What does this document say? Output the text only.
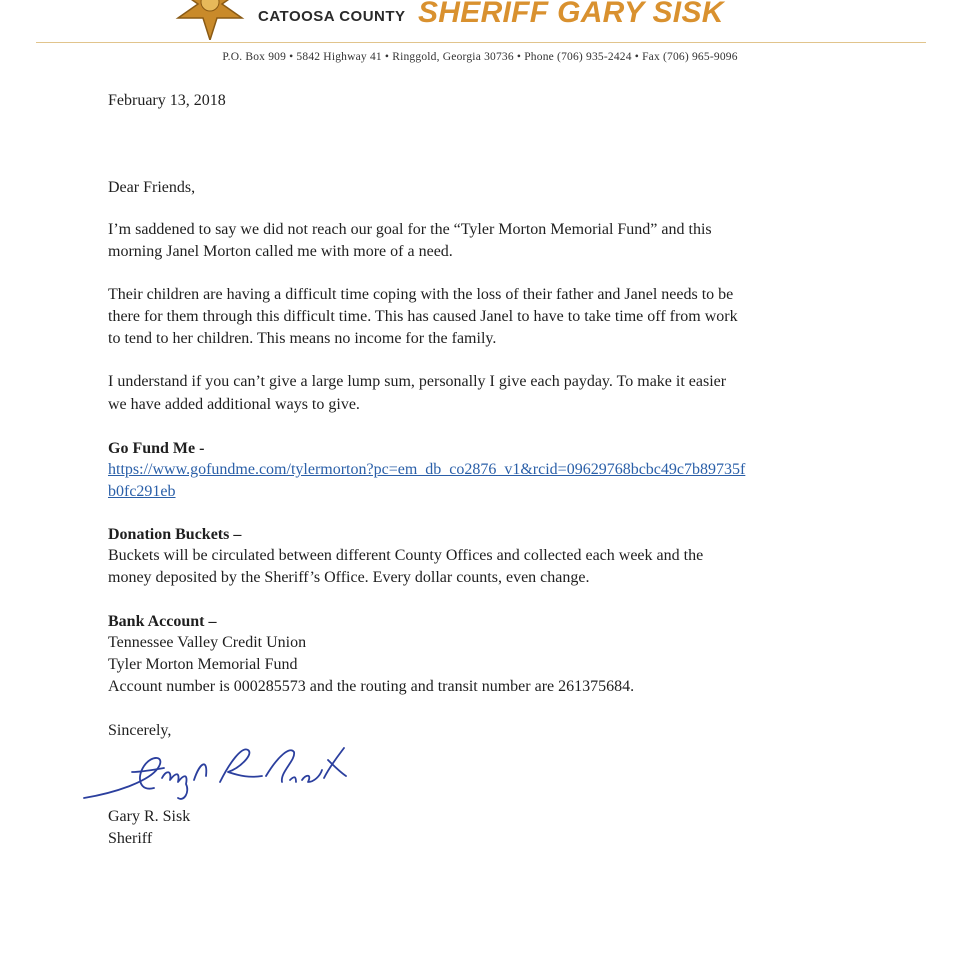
CATOOSA COUNTY SHERIFF GARY SISK
P.O. Box 909 • 5842 Highway 41 • Ringgold, Georgia 30736 • Phone (706) 935-2424 • Fax (706) 965-9096
February 13, 2018
Dear Friends,
I’m saddened to say we did not reach our goal for the “Tyler Morton Memorial Fund” and this
morning Janel Morton called me with more of a need.
Their children are having a difficult time coping with the loss of their father and Janel needs to be
there for them through this difficult time. This has caused Janel to have to take time off from work
to tend to her children. This means no income for the family.
I understand if you can’t give a large lump sum, personally I give each payday. To make it easier
we have added additional ways to give.
Go Fund Me -
https://www.gofundme.com/tylermorton?pc=em_db_co2876_v1&rcid=09629768bcbc49c7b89735f
b0fc291eb
Donation Buckets –
Buckets will be circulated between different County Offices and collected each week and the
money deposited by the Sheriff’s Office. Every dollar counts, even change.
Bank Account –
Tennessee Valley Credit Union
Tyler Morton Memorial Fund
Account number is 000285573 and the routing and transit number are 261375684.
Sincerely,
Gary R. Sisk
Sheriff
